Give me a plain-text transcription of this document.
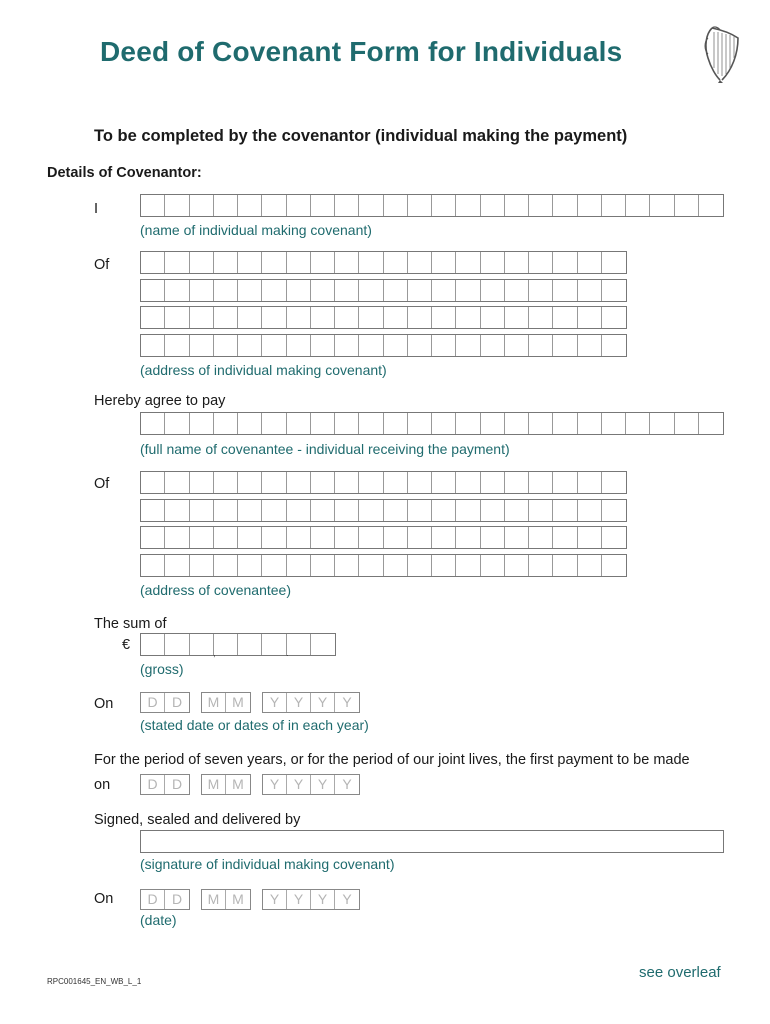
Deed of Covenant Form for Individuals
To be completed by the covenantor (individual making the payment)
Details of Covenantor:
I
(name of individual making covenant)
Of
(address of individual making covenant)
Hereby agree to pay
(full name of covenantee - individual receiving the payment)
Of
(address of covenantee)
The sum of
€	,	.
(gross)
On	D	D	M M	Y	Y	Y	Y
(stated date or dates of in each year)
For the period of seven years, or for the period of our joint lives, the first payment to be made
on	D	D	M M	Y	Y	Y	Y
Signed, sealed and delivered by
(signature of individual making covenant)
On	D	D	M M	Y	Y	Y	Y
(date)
RPC001645_EN_WB_L_1
see overleaf
